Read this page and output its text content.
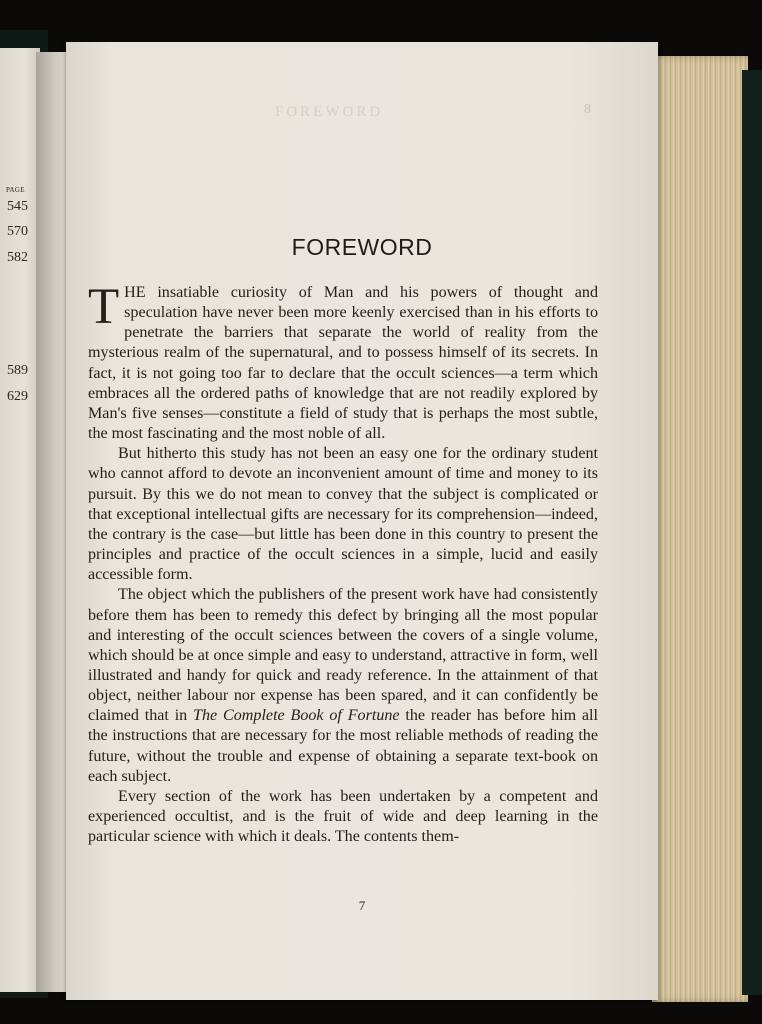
PAGE
545
570
582
589
629
FOREWORD	8
FOREWORD

THE insatiable curiosity of Man and his powers of thought and speculation have never been more keenly exercised than in his efforts to penetrate the barriers that separate the world of reality from the mysterious realm of the supernatural, and to possess himself of its secrets. In fact, it is not going too far to declare that the occult sciences—a term which embraces all the ordered paths of knowledge that are not readily explored by Man's five senses—constitute a field of study that is perhaps the most subtle, the most fascinating and the most noble of all.

But hitherto this study has not been an easy one for the ordinary student who cannot afford to devote an inconvenient amount of time and money to its pursuit. By this we do not mean to convey that the subject is complicated or that exceptional intellectual gifts are necessary for its comprehension—indeed, the contrary is the case—but little has been done in this country to present the principles and practice of the occult sciences in a simple, lucid and easily accessible form.

The object which the publishers of the present work have had consistently before them has been to remedy this defect by bringing all the most popular and interesting of the occult sciences between the covers of a single volume, which should be at once simple and easy to understand, attractive in form, well illustrated and handy for quick and ready reference. In the attainment of that object, neither labour nor expense has been spared, and it can confidently be claimed that in The Complete Book of Fortune the reader has before him all the instructions that are necessary for the most reliable methods of reading the future, without the trouble and expense of obtaining a separate text-book on each subject.

Every section of the work has been undertaken by a competent and experienced occultist, and is the fruit of wide and deep learning in the particular science with which it deals. The contents them-

7
